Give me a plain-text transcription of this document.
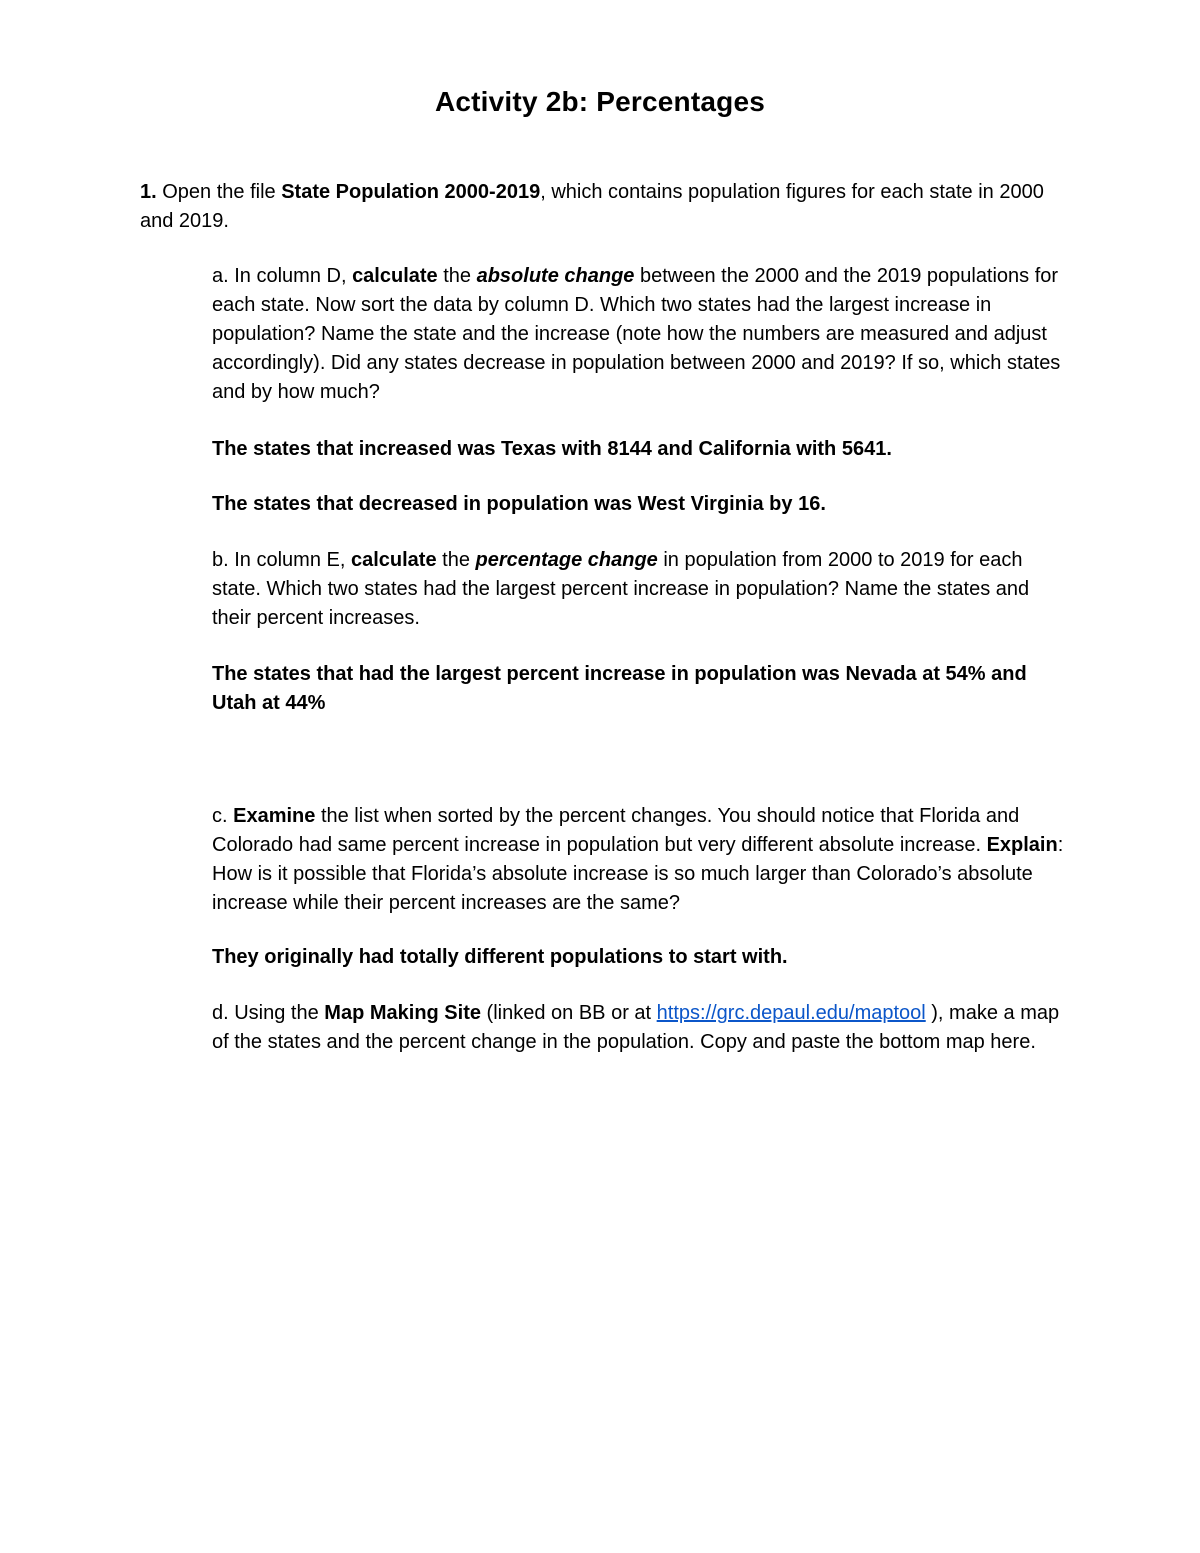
Activity 2b: Percentages
1. Open the file State Population 2000-2019, which contains population figures for each state in 2000 and 2019.
a. In column D, calculate the absolute change between the 2000 and the 2019 populations for each state. Now sort the data by column D. Which two states had the largest increase in population? Name the state and the increase (note how the numbers are measured and adjust accordingly). Did any states decrease in population between 2000 and 2019? If so, which states and by how much?
The states that increased was Texas with 8144 and California with 5641.
The states that decreased in population was West Virginia by 16.
b. In column E, calculate the percentage change in population from 2000 to 2019 for each state. Which two states had the largest percent increase in population? Name the states and their percent increases.
The states that had the largest percent increase in population was Nevada at 54% and Utah at 44%
c. Examine the list when sorted by the percent changes. You should notice that Florida and Colorado had same percent increase in population but very different absolute increase. Explain: How is it possible that Florida’s absolute increase is so much larger than Colorado’s absolute increase while their percent increases are the same?
They originally had totally different populations to start with.
d. Using the Map Making Site (linked on BB or at https://grc.depaul.edu/maptool ), make a map of the states and the percent change in the population. Copy and paste the bottom map here.
